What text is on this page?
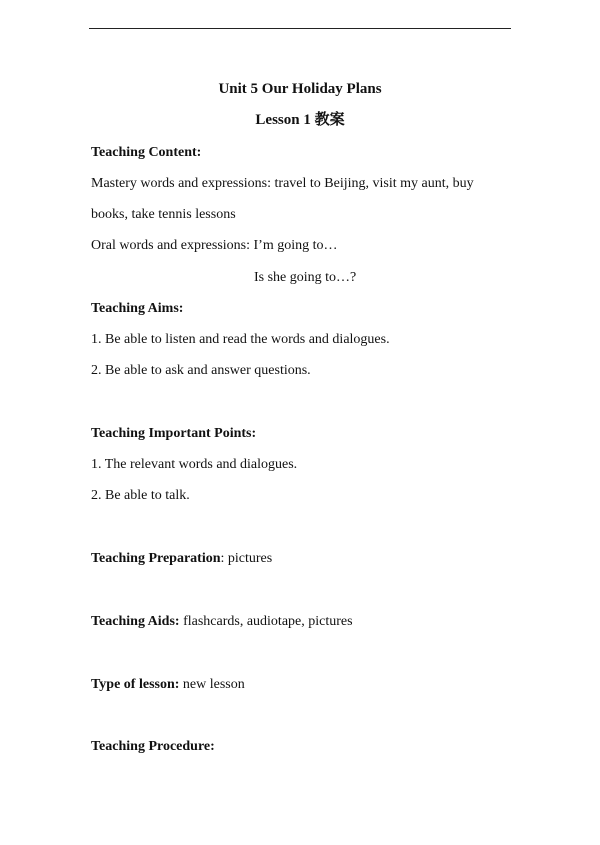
Unit 5 Our Holiday Plans
Lesson 1 教案
Teaching Content:
Mastery words and expressions: travel to Beijing, visit my aunt, buy
books, take tennis lessons
Oral words and expressions: I’m going to…
Is she going to…?
Teaching Aims:
1. Be able to listen and read the words and dialogues.
2. Be able to ask and answer questions.
Teaching Important Points:
1. The relevant words and dialogues.
2. Be able to talk.
Teaching Preparation: pictures
Teaching Aids: flashcards, audiotape, pictures
Type of lesson: new lesson
Teaching Procedure:
